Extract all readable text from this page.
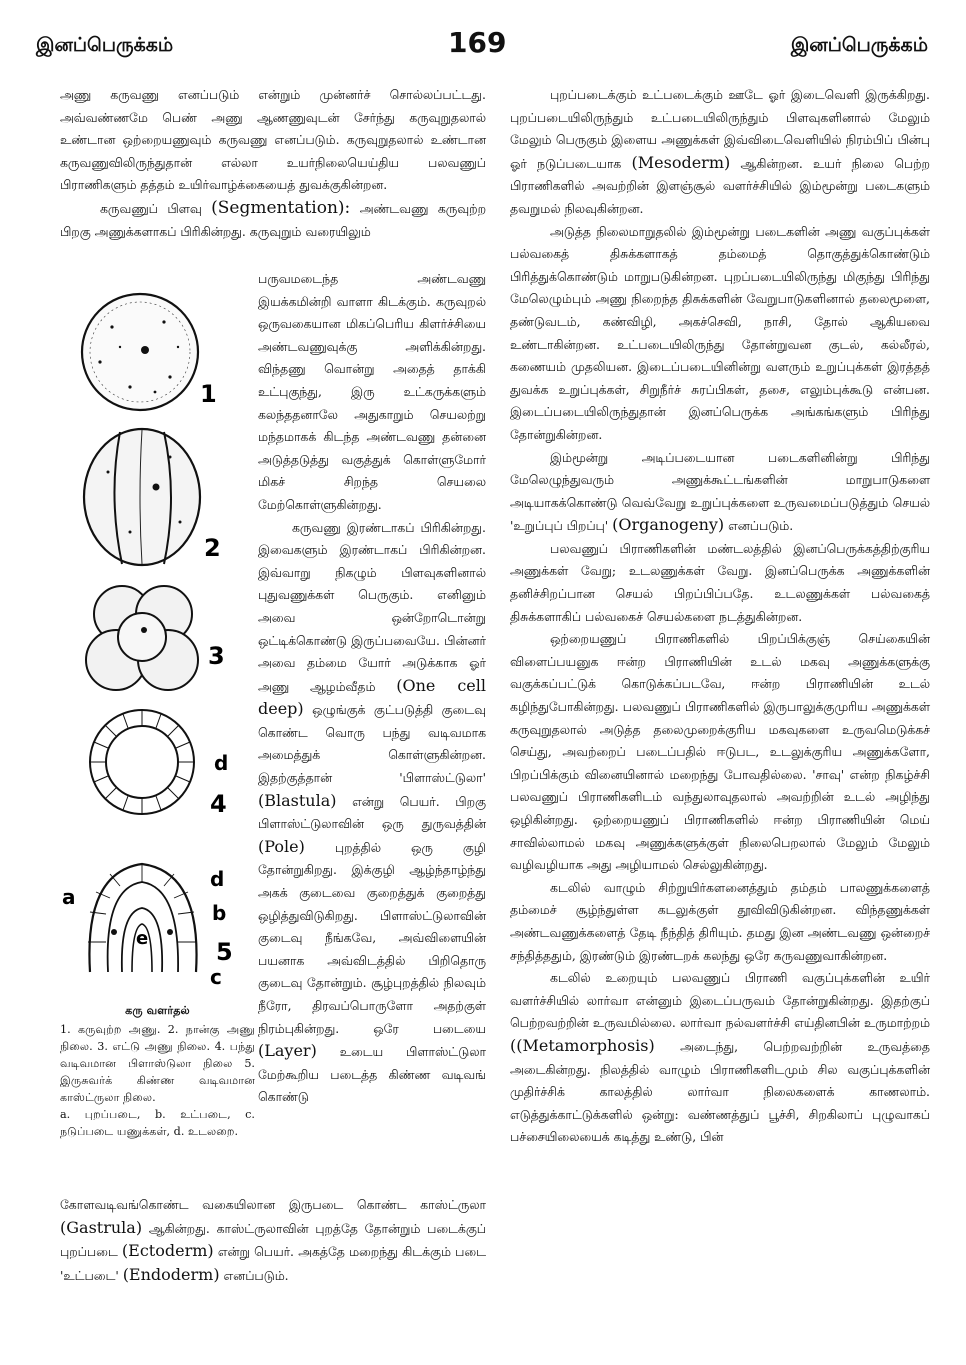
இனப்பெருக்கம்	169	இனப்பெருக்கம்

அணு கருவணு எனப்படும் என்றும் முன்னர்ச் சொல்லப்பட்டது. அவ்வண்ணமே பெண் அணு ஆணணுவுடன் சேர்ந்து கருவுறுதலால் உண்டான ஒற்றையணுவும் கருவணு எனப்படும். கருவுறுதலால் உண்டான கருவணுவிலிருந்துதான் எல்லா உயர்நிலையெய்திய பலவணுப் பிராணிகளும் தத்தம் உயிர்வாழ்க்கையைத் துவக்குகின்றன.

கருவணுப் பிளவு (Segmentation): அண்டவணு கருவுற்ற பிறகு அணுக்களாகப் பிரிகின்றது. கருவுறும் வரையிலும்

1
2
3
4
5
d
d
a
b
c
e
கரு வளர்தல்

1. கருவுற்ற அணு. 2. நான்கு அணு நிலை. 3. எட்டு அணு நிலை. 4. பந்து வடிவமான பிளாஸ்டுலா நிலை 5. இருசுவர்க் கிண்ண வடிவமான காஸ்ட்ருலா நிலை.

a. புறப்படை, b. உட்படை, c. நடுப்படை யணுக்கள், d. உடலறை.

பருவமடைந்த அண்டவணு இயக்கமின்றி வாளா கிடக்கும். கருவுறல் ஒருவகையான மிகப்பெரிய கிளர்ச்சியை அண்டவணுவுக்கு அளிக்கின்றது. விந்தணு வொன்று அதைத் தாக்கி உட்புகுந்து, இரு உட்கருக்களும் கலந்ததனாலே அதுகாறும் செயலற்று மந்தமாகக் கிடந்த அண்டவணு தன்னை அடுத்தடுத்து வகுத்துக் கொள்ளுமோர் மிகச் சிறந்த செயலை மேற்கொள்ளுகின்றது.

கருவணு இரண்டாகப் பிரிகின்றது. இவைகளும் இரண்டாகப் பிரிகின்றன. இவ்வாறு நிகழும் பிளவுகளினால் புதுவணுக்கள் பெருகும். எனினும் அவை ஒன்றோடொன்று ஒட்டிக்கொண்டு இருப்பவையே. பின்னர் அவை தம்மை யோர் அடுக்காக ஓர் அணு ஆழம்வீதம் (One cell deep) ஒழுங்குக் குட்படுத்தி குடைவு கொண்ட வொரு பந்து வடிவமாக அமைத்துக் கொள்ளுகின்றன. இதற்குத்தான் 'பிளாஸ்ட்டுலா' (Blastula) என்று பெயர். பிறகு பிளாஸ்ட்டுலாவின் ஒரு துருவத்தின் (Pole) புறத்தில் ஒரு குழி தோன்றுகிறது. இக்குழி ஆழ்ந்தாழ்ந்து அகக் குடைவை குறைத்துக் குறைத்து ஒழித்துவிடுகிறது. பிளாஸ்ட்டுலாவின் குடைவு நீங்கவே, அவ்விளையின் பயனாக அவ்விடத்தில் பிறிதொரு குடைவு தோன்றும். சூழ்புறத்தில் நிலவும் நீரோ, திரவப்பொருளோ அதற்குள் நிரம்புகின்றது. ஒரே படையை (Layer) உடைய பிளாஸ்ட்டுலா மேற்கூறிய படைத்த கிண்ண வடிவங் கொண்டு

கோளவடிவங்கொண்ட வகையிலான இருபடை கொண்ட காஸ்ட்ருலா (Gastrula) ஆகின்றது. காஸ்ட்ருலாவின் புறத்தே தோன்றும் படைக்குப் புறப்படை (Ectoderm) என்று பெயர். அகத்தே மறைந்து கிடக்கும் படை 'உட்படை' (Endoderm) எனப்படும்.

புறப்படைக்கும் உட்படைக்கும் ஊடே ஓர் இடைவெளி இருக்கிறது. புறப்படையிலிருந்தும் உட்படையிலிருந்தும் பிளவுகளினால் மேலும் மேலும் பெருகும் இளைய அணுக்கள் இவ்விடைவெளியில் நிரம்பிப் பின்பு ஓர் நடுப்படையாக (Mesoderm) ஆகின்றன. உயர் நிலை பெற்ற பிராணிகளில் அவற்றின் இளஞ்சூல் வளர்ச்சியில் இம்மூன்று படைகளும் தவறுமல் நிலவுகின்றன.

அடுத்த நிலைமாறுதலில் இம்மூன்று படைகளின் அணு வகுப்புக்கள் பல்வகைத் திசுக்களாகத் தம்மைத் தொகுத்துக்கொண்டும் பிரித்துக்கொண்டும் மாறுபடுகின்றன. புறப்படையிலிருந்து மிகுந்து பிரிந்து மேலெழும்பும் அணு நிறைந்த திசுக்களின் வேறுபாடுகளினால் தலைமூளை, தண்டுவடம், கண்விழி, அகச்செவி, நாசி, தோல் ஆகியவை உண்டாகின்றன. உட்படையிலிருந்து தோன்றுவன குடல், கல்லீரல், கணையம் முதலியன. இடைப்படையினின்று வளரும் உறுப்புக்கள் இரத்தத் துவக்க உறுப்புக்கள், சிறுநீர்ச் சுரப்பிகள், தசை, எலும்புக்கூடு என்பன. இடைப்படையிலிருந்துதான் இனப்பெருக்க அங்கங்களும் பிரிந்து தோன்றுகின்றன.

இம்மூன்று அடிப்படையான படைகளினின்று பிரிந்து மேலெழுந்துவரும் அணுக்கூட்டங்களின் மாறுபாடுகளை அடியாகக்கொண்டு வெவ்வேறு உறுப்புக்களை உருவமைப்படுத்தும் செயல் 'உறுப்புப் பிறப்பு' (Organogeny) எனப்படும்.

பலவணுப் பிராணிகளின் மண்டலத்தில் இனப்பெருக்கத்திற்குரிய அணுக்கள் வேறு; உடலணுக்கள் வேறு. இனப்பெருக்க அணுக்களின் தனிச்சிறப்பான செயல் பிறப்பிப்பதே. உடலணுக்கள் பல்வகைத் திசுக்களாகிப் பல்வகைச் செயல்களை நடத்துகின்றன.

ஒற்றையணுப் பிராணிகளில் பிறப்பிக்குஞ் செய்கையின் விளைப்பயனுக ஈன்ற பிராணியின் உடல் மகவு அணுக்களுக்கு வகுக்கப்பட்டுக் கொடுக்கப்படவே, ஈன்ற பிராணியின் உடல் கழிந்துபோகின்றது. பலவணுப் பிராணிகளில் இருபாலுக்குமுரிய அணுக்கள் கருவுறுதலால் அடுத்த தலைமுறைக்குரிய மகவுகளை உருவமெடுக்கச் செய்து, அவற்றைப் படைப்பதில் ஈடுபட, உடலுக்குரிய அணுக்களோ, பிறப்பிக்கும் வினையினால் மறைந்து போவதில்லை. 'சாவு' என்ற நிகழ்ச்சி பலவணுப் பிராணிகளிடம் வந்துலாவுதலால் அவற்றின் உடல் அழிந்து ஒழிகின்றது. ஒற்றையணுப் பிராணிகளில் ஈன்ற பிராணியின் மெய் சாவில்லாமல் மகவு அணுக்களுக்குள் நிலைபெறலால் மேலும் மேலும் வழிவழியாக அது அழியாமல் செல்லுகின்றது.

கடலில் வாழும் சிற்றுயிர்களனைத்தும் தம்தம் பாலணுக்களைத் தம்மைச் சூழ்ந்துள்ள கடலுக்குள் தூவிவிடுகின்றன. விந்தணுக்கள் அண்டவணுக்களைத் தேடி நீந்தித் திரியும். தமது இன அண்டவணு ஒன்றைச் சந்தித்ததும், இரண்டும் இரண்டறக் கலந்து ஒரே கருவணுவாகின்றன.

கடலில் உறையும் பலவணுப் பிராணி வகுப்புக்களின் உயிர் வளர்ச்சியில் லார்வா என்னும் இடைப்பருவம் தோன்றுகின்றது. இதற்குப் பெற்றவற்றின் உருவமில்லை. லார்வா நல்வளர்ச்சி எய்தினபின் உருமாற்றம் ((Metamorphosis) அடைந்து, பெற்றவற்றின் உருவத்தை அடைகின்றது. நிலத்தில் வாழும் பிராணிகளிடமும் சில வகுப்புக்களின் முதிர்ச்சிக் காலத்தில் லார்வா நிலைகளைக் காணலாம். எடுத்துக்காட்டுக்களில் ஒன்று: வண்ணத்துப் பூச்சி, சிறகிலாப் புழுவாகப் பச்சையிலையைக் கடித்து உண்டு, பின்
